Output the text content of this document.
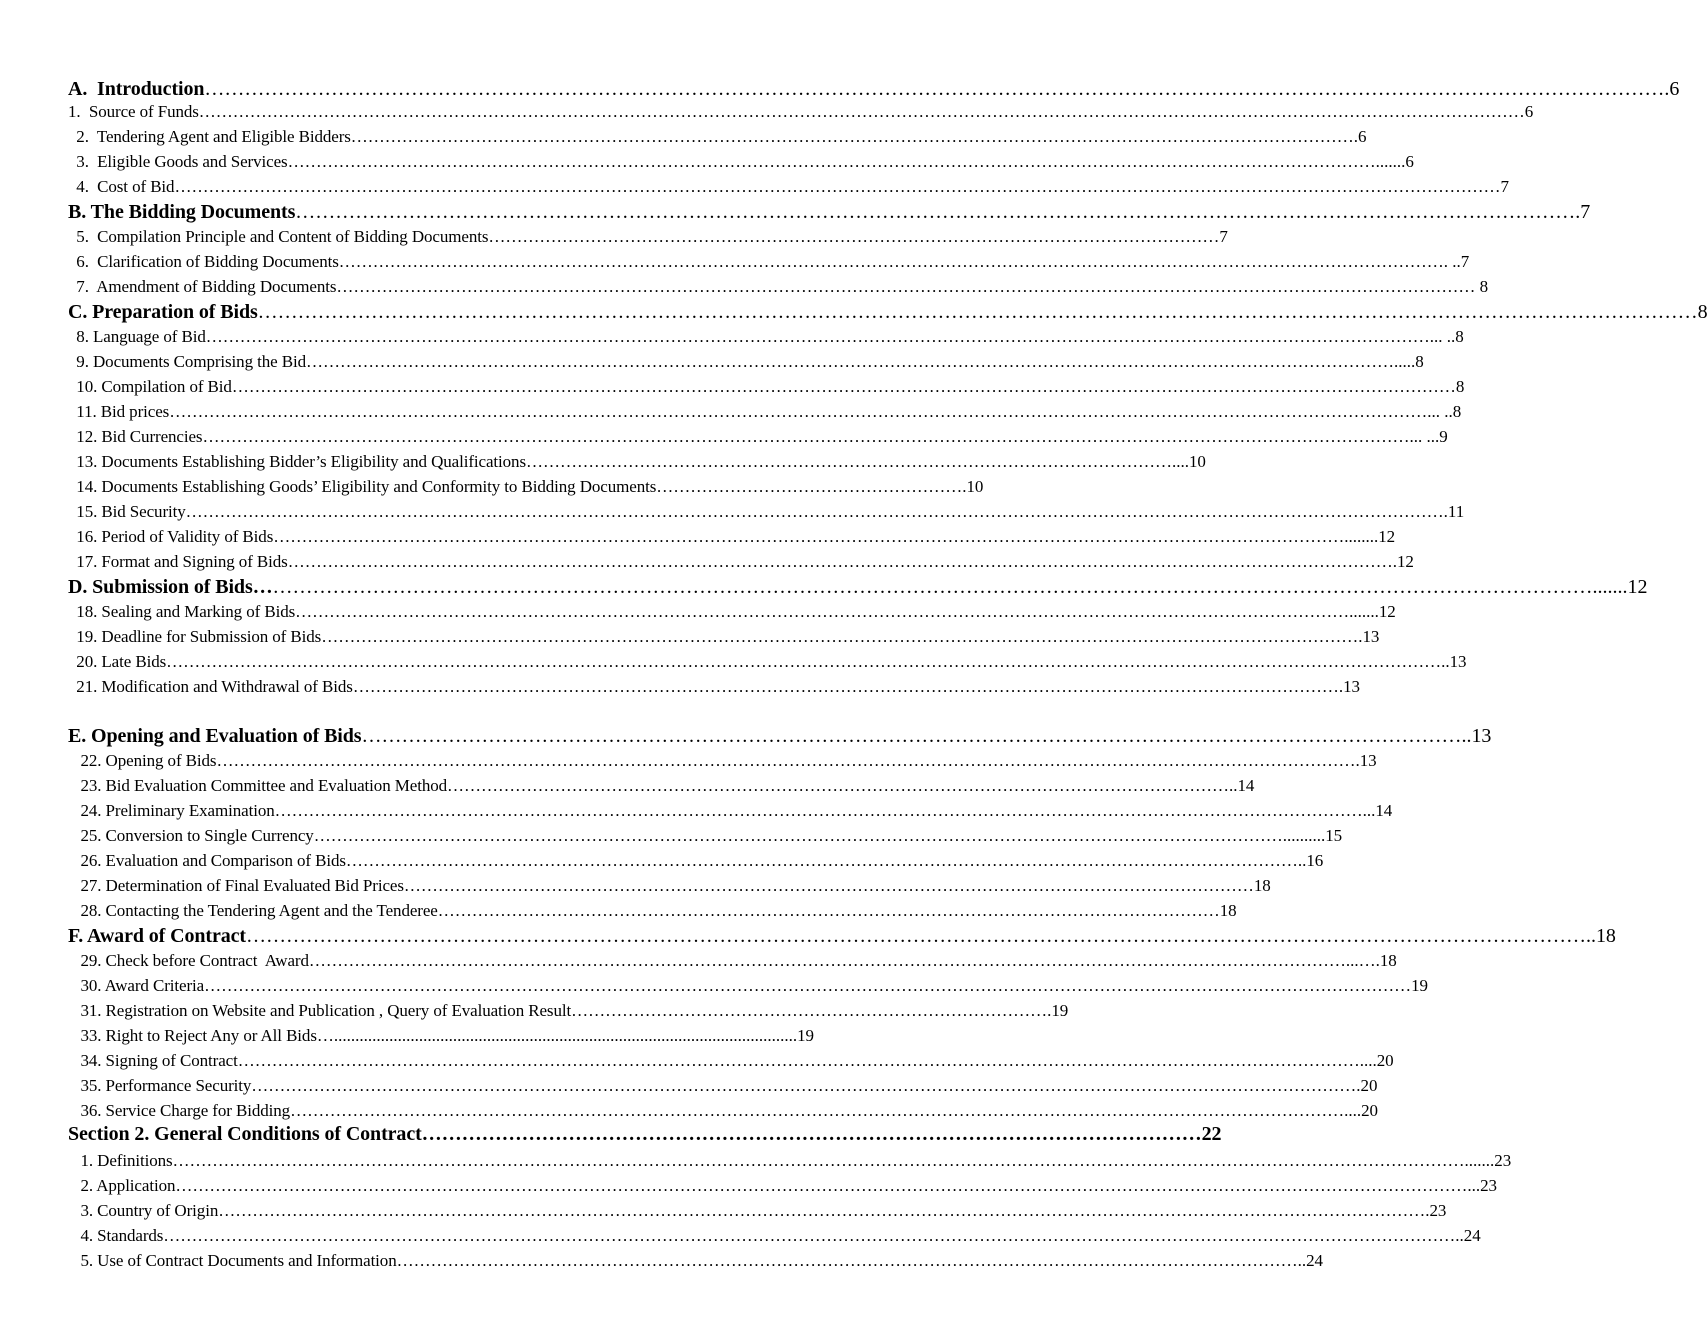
A.  Introduction………………………………………………………………………………………………………………………………………………………………………………………………….6
1.  Source of Funds………………………………………………………………………………………………………………………………………………………………………………………………………………6
2.  Tendering Agent and Eligible Bidders…………………………………………………………………………………………………………………………………………………………….6
3.  Eligible Goods and Services………………………………………………………………………………………………………………………………………………………………………….......6
4.  Cost of Bid………………………………………………………………………………………………………………………………………………………………………………………………………………7
B. The Bidding Documents………………………………………………………………………………………………………………………………………………………………………….7
5.  Compilation Principle and Content of Bidding Documents…………………………………………………………………………………………………………………7
6.  Clarification of Bidding Documents……………………………………………………………………………………………………………………………………………………………………………. ..7
7.  Amendment of Bidding Documents………………………………………………………………………………………………………………………………………………………………………………… 8
C. Preparation of Bids………………………………………………………………………………………………………………………………………………………………………………………………8
8. Language of Bid………………………………………………………………………………………………………………………………………………………………………………………………... ..8
9. Documents Comprising the Bid………………………………………………………………………………………………………………………………………………………………………….....8
10. Compilation of Bid………………………………………………………………………………………………………………………………………………………………………………………………8
11. Bid prices……………………………………………………………………………………………………………………………………………………………………………………………………... ..8
12. Bid Currencies……………………………………………………………………………………………………………………………………………………………………………………………... ...9
13. Documents Establishing Bidder’s Eligibility and Qualifications……………………………………………………………………………………………………....10
14. Documents Establishing Goods’ Eligibility and Conformity to Bidding Documents……………………………………………….10
15. Bid Security…………………………………………………………………………………………………………………………………………………………………………………………………….11
16. Period of Validity of Bids………………………………………………………………………………………………………………………………………………………………………........12
17. Format and Signing of Bids…………………………………………………………………………………………………………………………………………………………………………….12
D. Submission of Bids………………………………………………………………………………………………………………………………………………………………………………….......12
18. Sealing and Marking of Bids…………………………………………………………………………………………………………………………………………………………………….......12
19. Deadline for Submission of Bids………………………………………………………………………………………………………………………………………………………………….13
20. Late Bids………………………………………………………………………………………………………………………………………………………………………………………………………..13
21. Modification and Withdrawal of Bids………………………………………………………………………………………………………………………………………………………….13
E. Opening and Evaluation of Bids…………………………………………………………………………………………………………………………………………………..13
22. Opening of Bids………………………………………………………………………………………………………………………………………………………………………………….13
23. Bid Evaluation Committee and Evaluation Method…………………………………………………………………………………………………………………………..14
24. Preliminary Examination…………………………………………………………………………………………………………………………………………………………………………...14
25. Conversion to Single Currency………………………………………………………………………………………………………………………………………………………..........15
26. Evaluation and Comparison of Bids……………………………………………………………………………………………………………………………………………………..16
27. Determination of Final Evaluated Bid Prices……………………………………………………………………………………………………………………………………18
28. Contacting the Tendering Agent and the Tenderee…………………………………………………………………………………………………………………………18
F. Award of Contract…………………………………………………………………………………………………………………………………………………………………………………..18
29. Check before Contract  Award…………………………………………………………………………………………………………………………………………………………………...….18
30. Award Criteria……………………………………………………………………………………………………………………………………………………………………………………………19
31. Registration on Website and Publication , Query of Evaluation Result………………………………………………………………………….19
33. Right to Reject Any or All Bids….............................................................................................................19
34. Signing of Contract………………………………………………………………………………………………………………………………………………………………………………....20
35. Performance Security…………………………………………………………………………………………………………………………………………………………………………….20
36. Service Charge for Bidding……………………………………………………………………………………………………………………………………………………………………....20
Section 2. General Conditions of Contract………………………………………………………………………………………………………22
1. Definitions………………………………………………………………………………………………………………………………………………………………………………………………………….......23
2. Application…………………………………………………………………………………………………………………………………………………………………………………………………………...23
3. Country of Origin…………………………………………………………………………………………………………………………………………………………………………………………….23
4. Standards…………………………………………………………………………………………………………………………………………………………………………………………………………..24
5. Use of Contract Documents and Information……………………………………………………………………………………………………………………………………………..24
